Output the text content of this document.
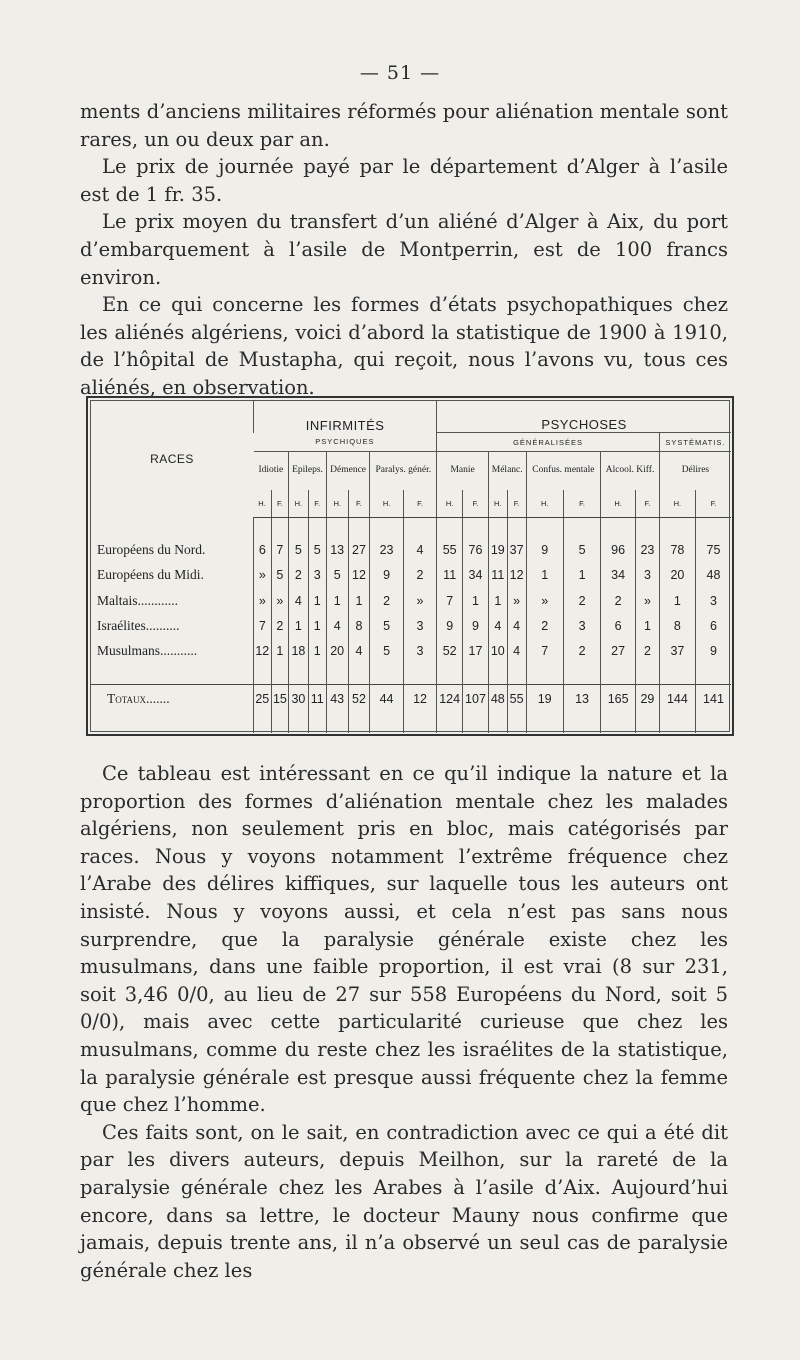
— 51 —

ments d’anciens militaires réformés pour aliénation mentale sont rares, un ou deux par an.

Le prix de journée payé par le département d’Alger à l’asile est de 1 fr. 35.

Le prix moyen du transfert d’un aliéné d’Alger à Aix, du port d’embarquement à l’asile de Montperrin, est de 100 francs environ.

En ce qui concerne les formes d’états psychopathiques chez les aliénés algériens, voici d’abord la statistique de 1900 à 1910, de l’hôpital de Mustapha, qui reçoit, nous l’avons vu, tous ces aliénés, en observation.

RACES	INFIRMITÉS								PSYCHOSES									
	PSYCHIQUES								GÉNÉRALISÉES								SYSTÉMATIS.	
	Idiotie		Epileps.		Démence		Paralys. génér.		Manie		Mélanc.		Confus. mentale		Alcool. Kiff.		Délires	
	H.	F.	H.	F.	H.	F.	H.	F.	H.	F.	H.	F.	H.	F.	H.	F.	H.	F.

Européens du Nord.	6	7	5	5	13	27	23	4	55	76	19	37	9	5	96	23	78	75
Européens du Midi.	»	5	2	3	5	12	9	2	11	34	11	12	1	1	34	3	20	48
Maltais............	»	»	4	1	1	1	2	»	7	1	1	»	»	2	2	»	1	3
Israélites..........	7	2	1	1	4	8	5	3	9	9	4	4	2	3	6	1	8	6
Musulmans...........	12	1	18	1	20	4	5	3	52	17	10	4	7	2	27	2	37	9

Totaux.......	25	15	30	11	43	52	44	12	124	107	48	55	19	13	165	29	144	141

Ce tableau est intéressant en ce qu’il indique la nature et la proportion des formes d’aliénation mentale chez les malades algériens, non seulement pris en bloc, mais catégorisés par races. Nous y voyons notamment l’extrême fréquence chez l’Arabe des délires kiffiques, sur laquelle tous les auteurs ont insisté. Nous y voyons aussi, et cela n’est pas sans nous surprendre, que la paralysie générale existe chez les musulmans, dans une faible proportion, il est vrai (8 sur 231, soit 3,46 0/0, au lieu de 27 sur 558 Européens du Nord, soit 5 0/0), mais avec cette particularité curieuse que chez les musulmans, comme du reste chez les israélites de la statistique, la paralysie générale est presque aussi fréquente chez la femme que chez l’homme.

Ces faits sont, on le sait, en contradiction avec ce qui a été dit par les divers auteurs, depuis Meilhon, sur la rareté de la paralysie générale chez les Arabes à l’asile d’Aix. Aujourd’hui encore, dans sa lettre, le docteur Mauny nous confirme que jamais, depuis trente ans, il n’a observé un seul cas de paralysie générale chez les
